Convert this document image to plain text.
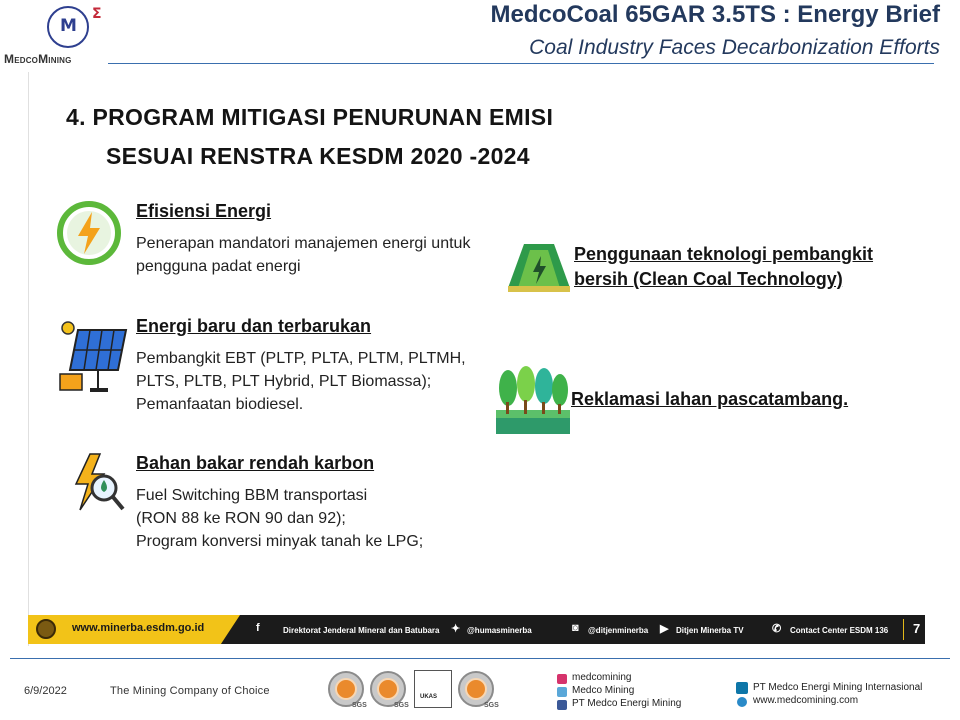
M
Σ
MedcoMining
MedcoCoal 65GAR 3.5TS : Energy Brief
Coal Industry Faces Decarbonization Efforts
4. PROGRAM MITIGASI PENURUNAN EMISI
SESUAI RENSTRA KESDM 2020 -2024
Efisiensi Energi
Penerapan mandatori manajemen energi untuk
pengguna padat energi
Energi baru dan terbarukan
Pembangkit EBT (PLTP, PLTA, PLTM, PLTMH,
PLTS, PLTB, PLT Hybrid, PLT Biomassa);
Pemanfaatan biodiesel.
Bahan bakar rendah karbon
Fuel Switching BBM transportasi
(RON 88 ke RON 90 dan 92);
Program konversi minyak tanah ke LPG;
Penggunaan teknologi pembangkit
bersih (Clean Coal Technology)
Reklamasi lahan pascatambang.
www.minerba.esdm.go.id	f	Direktorat Jenderal Mineral dan Batubara ✦ @humasminerba	◙ @ditjenminerba ▶ Ditjen Minerba TV	✆ Contact Center ESDM 136 7
6/9/2022	The Mining Company of Choice
SGS	SGS
UKAS
SGS
medcomining
Medco Mining
PT Medco Energi Mining
PT Medco Energi Mining Internasional
www.medcomining.com
